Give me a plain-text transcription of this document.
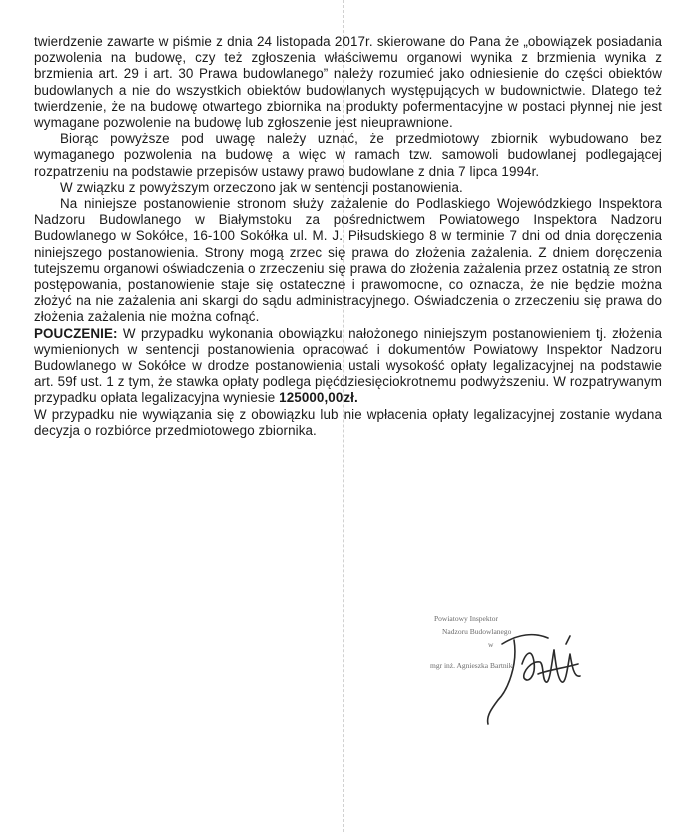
twierdzenie zawarte w piśmie z dnia 24 listopada 2017r. skierowane do Pana że „obowiązek posiadania pozwolenia na budowę, czy też zgłoszenia właściwemu organowi wynika z brzmienia wynika z brzmienia art. 29 i art. 30 Prawa budowlanego” należy rozumieć jako odniesienie do części obiektów budowlanych a nie do wszystkich obiektów budowlanych występujących w budownictwie. Dlatego też twierdzenie, że na budowę otwartego zbiornika na produkty pofermentacyjne w postaci płynnej nie jest wymagane pozwolenie na budowę lub zgłoszenie jest nieuprawnione.

Biorąc powyższe pod uwagę należy uznać, że przedmiotowy zbiornik wybudowano bez wymaganego pozwolenia na budowę a więc w ramach tzw. samowoli budowlanej podlegającej rozpatrzeniu na podstawie przepisów ustawy prawo budowlane z dnia 7 lipca 1994r.

W związku z powyższym orzeczono jak w sentencji postanowienia.

Na niniejsze postanowienie stronom służy zażalenie do Podlaskiego Wojewódzkiego Inspektora Nadzoru Budowlanego w Białymstoku za pośrednictwem Powiatowego Inspektora Nadzoru Budowlanego w Sokółce, 16-100 Sokółka ul. M. J. Piłsudskiego 8 w terminie 7 dni od dnia doręczenia niniejszego postanowienia. Strony mogą zrzec się prawa do złożenia zażalenia. Z dniem doręczenia tutejszemu organowi oświadczenia o zrzeczeniu się prawa do złożenia zażalenia przez ostatnią ze stron postępowania, postanowienie staje się ostateczne i prawomocne, co oznacza, że nie będzie można złożyć na nie zażalenia ani skargi do sądu administracyjnego. Oświadczenia o zrzeczeniu się prawa do złożenia zażalenia nie można cofnąć.

POUCZENIE: W przypadku wykonania obowiązku nałożonego niniejszym postanowieniem tj. złożenia wymienionych w sentencji postanowienia opracować i dokumentów Powiatowy Inspektor Nadzoru Budowlanego w Sokółce w drodze postanowienia ustali wysokość opłaty legalizacyjnej na podstawie art. 59f ust. 1 z tym, że stawka opłaty podlega pięćdziesięciokrotnemu podwyższeniu. W rozpatrywanym przypadku opłata legalizacyjna wyniesie 125000,00zł.

W przypadku nie wywiązania się z obowiązku lub nie wpłacenia opłaty legalizacyjnej zostanie wydana decyzja o rozbiórce przedmiotowego zbiornika.

Powiatowy Inspektor
Nadzoru Budowlanego
w
mgr inż. Agnieszka Bartnik
